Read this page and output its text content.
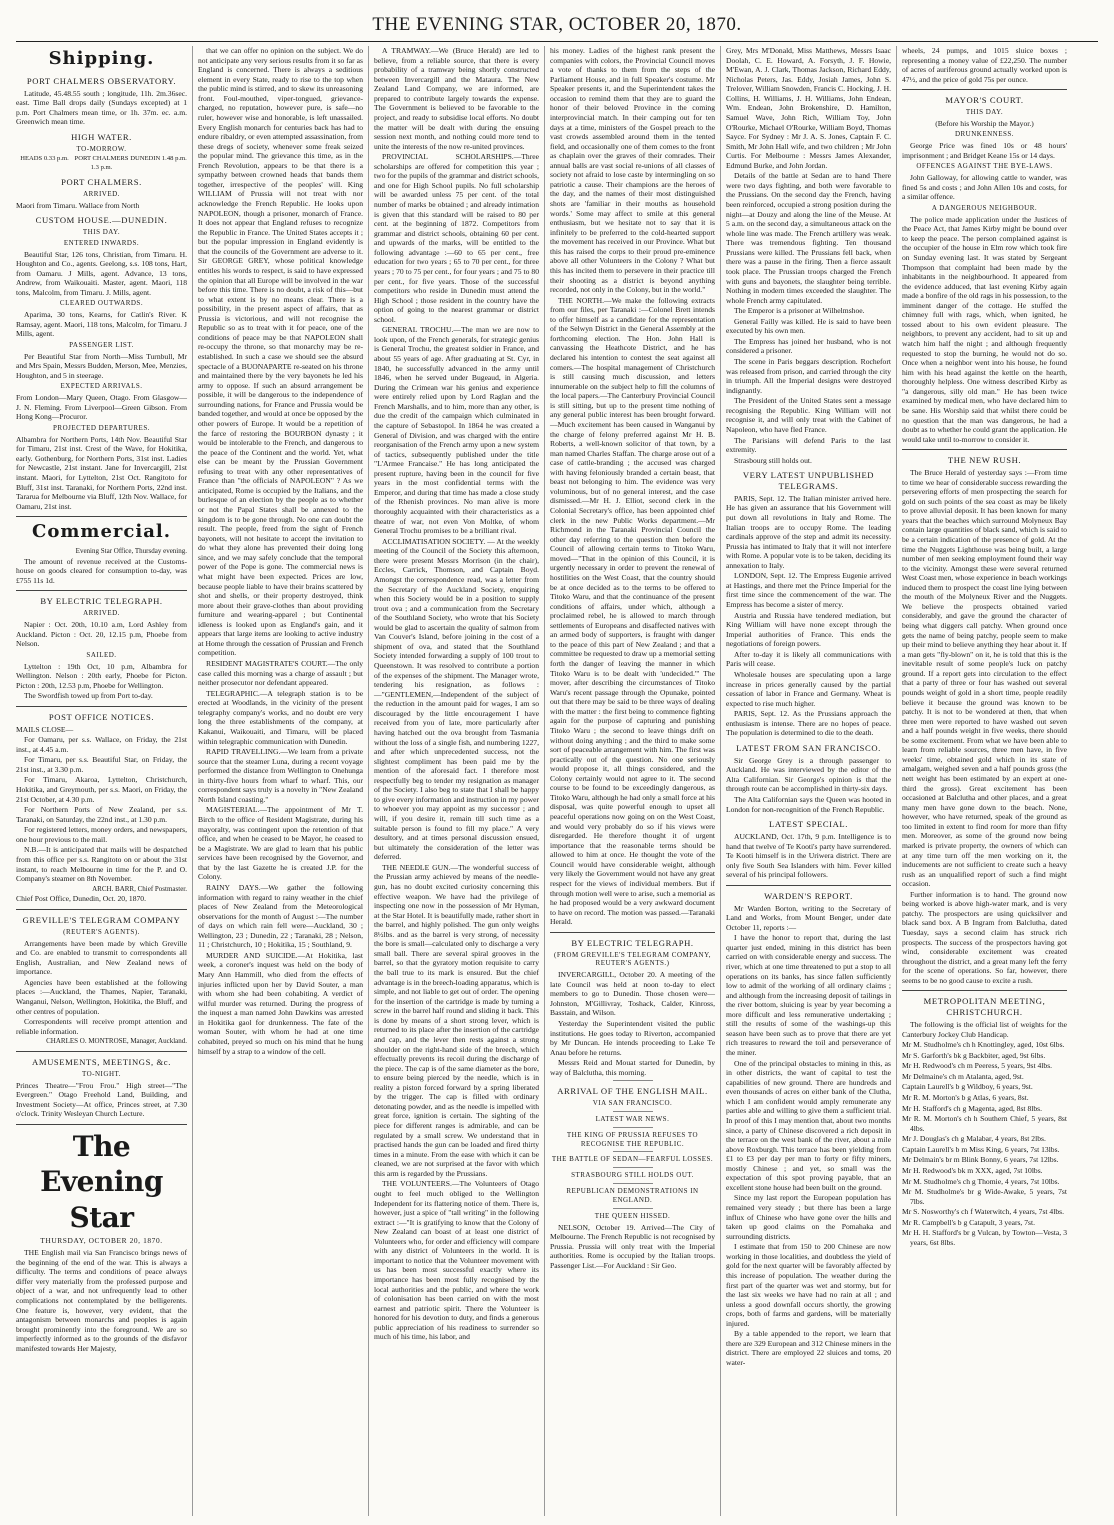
THE EVENING STAR, OCTOBER 20, 1870.
Shipping.
PORT CHALMERS OBSERVATORY.

Latitude, 45.48.55 south ; longitude, 11h. 2m.36sec. east. Time Ball drops daily (Sundays excepted) at 1 p.m. Port Chalmers mean time, or 1h. 37m. ec. a.m. Greenwich mean time.

HIGH WATER.
TO-MORROW.
HEADS 0.33 p.m. PORT CHALMERS 1.3 p.m.
DUNEDIN 1.48 p.m.
PORT CHALMERS.
ARRIVED.

Maori from Timaru. Wallace from North

CUSTOM HOUSE.—DUNEDIN.
THIS DAY.
ENTERED INWARDS.

Beautiful Star, 126 tons, Christian, from Timaru. H. Houghton and Co., agents. Geelong, s.s. 108 tons, Hart, from Oamaru. J Mills, agent. Advance, 13 tons, Andrew, from Waikouaiti. Master, agent. Maori, 118 tons, Malcolm, from Timaru. J. Mills, agent.

CLEARED OUTWARDS.

Aparima, 30 tons, Kearns, for Catlin's River. K Ramsay, agent. Maori, 118 tons, Malcolm, for Timaru. J Mills, agent.

PASSENGER LIST.

Per Beautiful Star from North—Miss Turnbull, Mr and Mrs Spain, Messrs Budden, Merson, Mee, Menzies, Houghton, and 5 in steerage.

EXPECTED ARRIVALS.

From London—Mary Queen, Otago. From Glasgow—J. N. Fleming. From Liverpool—Green Gibson. From Hong Kong—Procuror.

PROJECTED DEPARTURES.

Albambra for Northern Ports, 14th Nov. Beautiful Star for Timaru, 21st inst. Crest of the Wave, for Hokitika, early. Gothenburg, for Northern Ports, 31st inst. Ladies for Newcastle, 21st instant. Jane for Invercargill, 21st instant. Maori, for Lyttelton, 21st Oct. Rangitoto for Bluff, 31st inst. Taranaki, for Northern Ports, 22nd inst. Tararua for Melbourne via Bluff, 12th Nov. Wallace, for Oamaru, 21st inst.

Commercial.
Evening Star Office, Thursday evening.

The amount of revenue received at the Customs-house on goods cleared for consumption to-day, was £755 11s 1d.

BY ELECTRIC TELEGRAPH.
ARRIVED.

Napier : Oct. 20th, 10.10 a.m, Lord Ashley from Auckland. Picton : Oct. 20, 12.15 p.m, Phoebe from Nelson.

SAILED.

Lyttelton : 19th Oct, 10 p.m, Albambra for Wellington. Nelson : 20th early, Phoebe for Picton. Picton : 20th, 12.53 p.m, Phoebe for Wellington.

The Swordfish towed up from Port to-day.

POST OFFICE NOTICES.

MAILS CLOSE—

For Oamaru, per s.s. Wallace, on Friday, the 21st inst., at 4.45 a.m.

For Timaru, per s.s. Beautiful Star, on Friday, the 21st inst., at 3.30 p.m.

For Timaru, Akaroa, Lyttelton, Christchurch, Hokitika, and Greymouth, per s.s. Maori, on Friday, the 21st October, at 4.30 p.m.

For Northern Ports of New Zealand, per s.s. Taranaki, on Saturday, the 22nd inst., at 1.30 p.m.

For registered letters, money orders, and newspapers, one hour previous to the mail.

N.B.—It is anticipated that mails will be despatched from this office per s.s. Rangitoto on or about the 31st instant, to reach Melbourne in time for the P. and O. Company's steamer on 8th November.

ARCH. BARR, Chief Postmaster.

Chief Post Office, Dunedin, Oct. 20, 1870.

GREVILLE'S TELEGRAM COMPANY
(REUTER'S AGENTS).

Arrangements have been made by which Greville and Co. are enabled to transmit to correspondents all English, Australian, and New Zealand news of importance.

Agencies have been established at the following places :—Auckland, the Thames, Napier, Taranaki, Wanganui, Nelson, Wellington, Hokitika, the Bluff, and other centres of population.

Correspondents will receive prompt attention and reliable information.

CHARLES O. MONTROSE, Manager, Auckland.
AMUSEMENTS, MEETINGS, &c.
TO-NIGHT.

Princes Theatre—"Frou Frou." High street—"The Evergreen." Otago Freehold Land, Building, and Investment Society—At office, Princes street, at 7.30 o'clock. Trinity Wesleyan Church Lecture.

The Evening Star
THURSDAY, OCTOBER 20, 1870.

THE English mail via San Francisco brings news of the beginning of the end of the war. This is always a difficulty. The terms and conditions of peace always differ very materially from the professed purpose and object of a war, and not unfrequently lead to other complications not contemplated by the belligerents. One feature is, however, very evident, that the antagonism between monarchs and peoples is again brought prominently into the foreground. We are so imperfectly informed as to the grounds of the disfavor manifested towards Her Majesty,

that we can offer no opinion on the subject. We do not anticipate any very serious results from it so far as England is concerned. There is always a seditious element in every State, ready to rise to the top when the public mind is stirred, and to skew its unreasoning front. Foul-mouthed, viper-tongued, grievance-charged, no reputation, however pure, is safe—no ruler, however wise and honorable, is left unassailed. Every English monarch for centuries back has had to endure ribaldry, or even attempted assassination, from these dregs of society, whenever some freak seized the popular mind. The grievance this time, as in the French Revolution, appears to be that there is a sympathy between crowned heads that bands them together, irrespective of the peoples' will. King WILLIAM of Prussia will not treat with nor acknowledge the French Republic. He looks upon NAPOLEON, though a prisoner, monarch of France. It does not appear that England refuses to recognize the Republic in France. The United States accepts it ; but the popular impression in England evidently is that the councils of the Government are adverse to it. Sir GEORGE GREY, whose political knowledge entitles his words to respect, is said to have expressed the opinion that all Europe will be involved in the war before this time. There is no doubt, a risk of this—but to what extent is by no means clear. There is a possibility, in the present aspect of affairs, that as Prussia is victorious, and will not recognise the Republic so as to treat with it for peace, one of the conditions of peace may be that NAPOLEON shall re-occupy the throne, so that monarchy may be re-established. In such a case we should see the absurd spectacle of a BUONAPARTE re-seated on his throne and maintained there by the very bayonets he led his army to oppose. If such an absurd arrangement be possible, it will be dangerous to the independence of surrounding nations, for France and Prussia would be banded together, and would at once be opposed by the other powers of Europe. It would be a repetition of the farce of restoring the BOURBON dynasty ; it would be intolerable to the French, and dangerous to the peace of the Continent and the world. Yet, what else can be meant by the Prussian Government refusing to treat with any other representatives of France than "the officials of NAPOLEON" ? As we anticipated, Rome is occupied by the Italians, and the burlesque of an election by the people as to whether or not the Papal States shall be annexed to the kingdom is to be gone through. No one can doubt the result. The people, freed from the sight of French bayonets, will not hesitate to accept the invitation to do what they alone has prevented their doing long since, and we may safely conclude that the temporal power of the Pope is gone. The commercial news is what might have been expected. Prices are low, because people liable to have their brains scattered by shot and shells, or their property destroyed, think more about their grave-clothes than about providing furniture and wearing-apparel ; but Continental idleness is looked upon as England's gain, and it appears that large items are looking to active industry at Home through the cessation of Prussian and French competition.

RESIDENT MAGISTRATE'S COURT.—The only case called this morning was a charge of assault ; but neither prosecutor nor defendant appeared.

TELEGRAPHIC.—A telegraph station is to be erected at Woodlands, in the vicinity of the present telegraphy company's works, and no doubt ere very long the three establishments of the company, at Kakanui, Waikouaiti, and Timaru, will be placed within telegraphic communication with Dunedin.

RAPID TRAVELLING.—We learn from a private source that the steamer Luna, during a recent voyage performed the distance from Wellington to Onehunga in thirty-five hours from wharf to wharf. This, our correspondent says truly is a novelty in "New Zealand North Island coasting."

MAGISTERIAL.—The appointment of Mr T. Birch to the office of Resident Magistrate, during his mayoralty, was contingent upon the retention of that office, and when he ceased to be Mayor, he ceased to be a Magistrate. We are glad to learn that his public services have been recognised by the Governor, and that by the last Gazette he is created J.P. for the Colony.

RAINY DAYS.—We gather the following information with regard to rainy weather in the chief places of New Zealand from the Meteorological observations for the month of August :—The number of days on which rain fell were—Auckland, 30 ; Wellington, 23 ; Dunedin, 22 ; Taranaki, 28 ; Nelson, 11 ; Christchurch, 10 ; Hokitika, 15 ; Southland, 9.

MURDER AND SUICIDE.—At Hokitika, last week, a coroner's inquest was held on the body of Mary Ann Hammill, who died from the effects of injuries inflicted upon her by David Souter, a man with whom she had been cohabiting. A verdict of wilful murder was returned. During the progress of the inquest a man named John Dawkins was arrested in Hokitika gaol for drunkenness. The fate of the woman Souter, with whom he had at one time cohabited, preyed so much on his mind that he hung himself by a strap to a window of the cell.

A TRAMWAY.—We (Bruce Herald) are led to believe, from a reliable source, that there is every probability of a tramway being shortly constructed between Invercargill and the Mataura. The New Zealand Land Company, we are informed, are prepared to contribute largely towards the expense. The Government is believed to be favorable to the project, and ready to subsidise local efforts. No doubt the matter will be dealt with during the ensuing session next month, and nothing could more tend to unite the interests of the now re-united provinces.

PROVINCIAL SCHOLARSHIPS.—Three scholarships are offered for competition this year ; two for the pupils of the grammar and district schools, and one for High School pupils. No full scholarship will be awarded unless 75 per cent. of the total number of marks be obtained ; and already intimation is given that this standard will be raised to 80 per cent. at the beginning of 1872. Competitors from grammar and district schools, obtaining 60 per cent. and upwards of the marks, will be entitled to the following advantage :—60 to 65 per cent., free education for two years ; 65 to 70 per cent., for three years ; 70 to 75 per cent., for four years ; and 75 to 80 per cent., for five years. Those of the successful competitors who reside in Dunedin must attend the High School ; those resident in the country have the option of going to the nearest grammar or district school.

GENERAL TROCHU.—The man we are now to look upon, of the French generals, for strategic genius is General Trochu, the greatest soldier in France, and about 55 years of age. After graduating at St. Cyr, in 1840, he successfully advanced in the army until 1846, when he served under Bugeaud, in Algeria. During the Crimean war his genius and experience were entirely relied upon by Lord Raglan and the French Marshalls, and to him, more than any other, is due the credit of the campaign which culminated in the capture of Sebastopol. In 1864 he was created a General of Division, and was charged with the entire reorganisation of the French army upon a new system of tactics, subsequently published under the title "L'Armee Francaise." He has long anticipated the present rupture, having been in the council for five years in the most confidential terms with the Emperor, and during that time has made a close study of the Rhenish provinces. No man alive is more thoroughly acquainted with their characteristics as a theatre of war, not even Von Moltke, of whom General Trochu promises to be a brilliant rival.

ACCLIMATISATION SOCIETY. — At the weekly meeting of the Council of the Society this afternoon, there were present Messrs Morrison (in the chair), Eccles, Carrick, Thomson, and Captain Boyd. Amongst the correspondence read, was a letter from the Secretary of the Auckland Society, enquiring when this Society would be in a position to supply trout ova ; and a communication from the Secretary of the Southland Society, who wrote that his Society would be glad to ascertain the quality of salmon from Van Couver's Island, before joining in the cost of a shipment of ova, and stated that the Southland Society intended forwarding a supply of 100 trout to Queenstown. It was resolved to contribute a portion of the expenses of the shipment. The Manager wrote, tendering his resignation, as follows :—"GENTLEMEN,—Independent of the subject of the reduction in the amount paid for wages, I am so discouraged by the little encouragement I have received from you of late, more particularly after having hatched out the ova brought from Tasmania without the loss of a single fish, and numbering 1227, and after which unprecedented success, not the slightest compliment has been paid me by the mention of the aforesaid fact. I therefore most respectfully beg to tender my resignation as manager of the Society. I also beg to state that I shall be happy to give every information and instruction in my power to whoever you may appoint as my successor ; and will, if you desire it, remain till such time as a suitable person is found to fill my place." A very desultory, and at times personal discussion ensued, but ultimately the consideration of the letter was deferred.

THE NEEDLE GUN.—The wonderful success of the Prussian army achieved by means of the needle-gun, has no doubt excited curiosity concerning this effective weapon. We have had the privilege of inspecting one now in the possession of Mr Hyman, at the Star Hotel. It is beautifully made, rather short in the barrel, and highly polished. The gun only weighs 8½lbs. and as the barrel is very strong, of necessity the bore is small—calculated only to discharge a very small ball. There are several spiral grooves in the barrel, so that the gyratory motion requisite to carry the ball true to its mark is ensured. But the chief advantage is in the breech-loading apparatus, which is simple, and not liable to get out of order. The opening for the insertion of the cartridge is made by turning a screw in the barrel half round and sliding it back. This is done by means of a short strong lever, which is returned to its place after the insertion of the cartridge and cap, and the lever then rests against a strong shoulder on the right-hand side of the breech, which effectually prevents its recoil during the discharge of the piece. The cap is of the same diameter as the bore, to ensure being pierced by the needle, which is in reality a piston forced forward by a spring liberated by the trigger. The cap is filled with ordinary detonating powder, and as the needle is impelled with great force, ignition is certain. The sighting of the piece for different ranges is admirable, and can be regulated by a small screw. We understand that in practised hands the gun can be loaded and fired thirty times in a minute. From the ease with which it can be cleaned, we are not surprised at the favor with which this arm is regarded by the Prussians.

THE VOLUNTEERS.—The Volunteers of Otago ought to feel much obliged to the Wellington Independent for its flattering notice of them. There is, however, just a spice of "tall writing" in the following extract :—"It is gratifying to know that the Colony of New Zealand can boast of at least one district of Volunteers who, for order and efficiency will compare with any district of Volunteers in the world. It is important to notice that the Volunteer movement with us has been most successful exactly where its importance has been most fully recognised by the local authorities and the public, and where the work of colonisation has been carried on with the most earnest and patriotic spirit. There the Volunteer is honored for his devotion to duty, and finds a generous public appreciation of his readiness to surrender so much of his time, his labor, and

his money. Ladies of the highest rank present the companies with colors, the Provincial Council moves a vote of thanks to them from the steps of the Parliament House, and in full Speaker's costume. Mr Speaker presents it, and the Superintendent takes the occasion to remind them that they are to guard the honor of their beloved Province in the coming interprovincial match. In their camping out for ten days at a time, ministers of the Gospel preach to the vast crowds assembled around them in the tented field, and occasionally one of them comes to the front as chaplain over the graves of their comrades. Their annual balls are vast social re-unions of all classes of society not afraid to lose caste by intermingling on so patriotic a cause. Their champions are the heroes of the day, and the names of their most distinguished shots are 'familiar in their mouths as household words.' Some may affect to smile at this general enthusiasm, but we hesitate not to say that it is infinitely to be preferred to the cold-hearted support the movement has received in our Province. What but this has raised the corps to their proud pre-eminence above all other Volunteers in the Colony ? What but this has incited them to persevere in their practice till their shooting as a district is beyond anything recorded, not only in the Colony, but in the world."

THE NORTH.—We make the following extracts from our files, per Taranaki :—Colonel Brett intends to offer himself as a candidate for the representation of the Selwyn District in the General Assembly at the forthcoming election. The Hon. John Hall is canvassing the Heathcote District, and he has declared his intention to contest the seat against all comers.—The hospital management of Christchurch is still causing much discussion, and letters innumerable on the subject help to fill the columns of the local papers.—The Canterbury Provincial Council is still sitting, but up to the present time nothing of any general public interest has been brought forward.—Much excitement has been caused in Wanganui by the charge of felony preferred against Mr H. B. Roberts, a well-known solicitor of that town, by a man named Charles Staffan. The charge arose out of a case of cattle-branding ; the accused was charged with having feloniously branded a certain beast, that beast not belonging to him. The evidence was very voluminous, but of no general interest, and the case dismissed.—Mr H. J. Elliot, second clerk in the Colonial Secretary's office, has been appointed chief clerk in the new Public Works department.—Mr Richmond in the Taranaki Provincial Council the other day referring to the question then before the Council of allowing certain terms to Titoko Waru, moved—"That in the opinion of this Council, it is urgently necessary in order to prevent the renewal of hostilities on the West Coast, that the country should be at once decided as to the terms to be offered to Titoko Waru, and that the continuance of the present conditions of affairs, under which, although a proclaimed rebel, he is allowed to march through settlements of Europeans and disaffected natives with an armed body of supporters, is fraught with danger to the peace of this part of New Zealand ; and that a committee be requested to draw up a memorial setting forth the danger of leaving the manner in which Titoko Waru is to be dealt with 'undecided.'" The mover, after describing the circumstances of Titoko Waru's recent passage through the Opunake, pointed out that there may be said to be three ways of dealing with the matter : the first being to commence fighting again for the purpose of capturing and punishing Titoko Waru ; the second to leave things drift on without doing anything ; and the third to make some sort of peaceable arrangement with him. The first was practically out of the question. No one seriously would propose it, all things considered, and the Colony certainly would not agree to it. The second course to be found to be exceedingly dangerous, as Titoko Waru, although he had only a small force at his disposal, was quite powerful enough to upset all peaceful operations now going on on the West Coast, and would very probably do so if his views were disregarded. He therefore thought it of urgent importance that the reasonable terms should be allowed to him at once. He thought the vote of the Council would have considerable weight, although very likely the Government would not have any great respect for the views of individual members. But if through motion well were to arise, such a memorial as he had proposed would be a very awkward document to have on record. The motion was passed.—Taranaki Herald.

BY ELECTRIC TELEGRAPH.
(FROM GREVILLE'S TELEGRAM COMPANY, REUTER'S AGENTS.)

INVERCARGILL, October 20. A meeting of the late Council was held at noon to-day to elect members to go to Dunedin. Those chosen were—Johnston, M'Gillivray, Toshack, Calder, Kinross, Basstain, and Wilson.

Yesterday the Superintendent visited the public institutions. He goes today to Riverton, accompanied by Mr Duncan. He intends proceeding to Lake Te Anau before he returns.

Messrs Reid and Mouat started for Dunedin, by way of Balclutha, this morning.

ARRIVAL OF THE ENGLISH MAIL.
VIA SAN FRANCISCO.
LATEST WAR NEWS.
THE KING OF PRUSSIA REFUSES TO RECOGNISE THE REPUBLIC.
THE BATTLE OF SEDAN—FEARFUL LOSSES.
STRASBOURG STILL HOLDS OUT.
REPUBLICAN DEMONSTRATIONS IN ENGLAND.
THE QUEEN HISSED.

NELSON, October 19. Arrived—The City of Melbourne. The French Republic is not recognised by Prussia. Prussia will only treat with the Imperial authorities. Rome is occupied by the Italian troops. Passenger List.—For Auckland : Sir Geo.

Grey, Mrs M'Donald, Miss Matthews, Messrs Isaac Doolah, C. E. Howard, A. Forsyth, J. F. Howie, M'Ewan, A. J. Clark, Thomas Jackson, Richard Eddy, Nicholas Peters, Jas. Eddy, Josiah James, John S. Trelover, William Snowden, Francis C. Hocking, J. H. Collins, H. Williams, J. H. Williams, John Endean, Wm. Endean, John Brokenshire, D. Hamilton, Samuel Wave, John Rich, William Toy, John O'Rourke, Michael O'Rourke, William Boyd, Thomas Sayce. For Sydney : Mr J. A. S. Jones, Captain F. C. Smith, Mr John Hall wife, and two children ; Mr John Curtis. For Melbourne : Messrs James Alexander, Edmund Burke, and John Jordan.

Details of the battle at Sedan are to hand There were two days fighting, and both were favorable to the Prussians. On the second day the French, having been reinforced, occupied a strong position during the night—at Douzy and along the line of the Meuse. At 5 a.m. on the second day, a simultaneous attack on the whole line was made. The French artillery was weak. There was tremendous fighting. Ten thousand Prussians were killed. The Prussians fell back, when there was a pause in the firing. Then a fierce assault took place. The Prussian troops charged the French with guns and bayonets, the slaughter being terrible. Nothing in modern times exceeded the slaughter. The whole French army capitulated.

The Emperor is a prisoner at Wilhelmshoe.

General Failly was killed. He is said to have been executed by his own men.

The Empress has joined her husband, who is not considered a prisoner.

The scene in Paris beggars description. Rochefort was released from prison, and carried through the city in triumph. All the Imperial designs were destroyed indignantly.

The President of the United States sent a message recognising the Republic. King William will not recognise it, and will only treat with the Cabinet of Napoleon, who have fled France.

The Parisians will defend Paris to the last extremity.

Strasbourg still holds out.

VERY LATEST UNPUBLISHED TELEGRAMS.

PARIS, Sept. 12. The Italian minister arrived here. He has given an assurance that his Government will put down all revolutions in Italy and Rome. The Italian troops are to occupy Rome. The leading cardinals approve of the step and admit its necessity. Prussia has intimated to Italy that it will not interfere with Rome. A popular vote is to be taken, deciding its annexation to Italy.

LONDON, Sept. 12. The Empress Eugenie arrived at Hastings, and there met the Prince Imperial for the first time since the commencement of the war. The Empress has become a sister of mercy.

Austria and Russia have tendered mediation, but King William will have none except through the Imperial authorities of France. This ends the negotiations of foreign powers.

After to-day it is likely all communications with Paris will cease.

Wholesale houses are speculating upon a large increase in prices generally caused by the partial cessation of labor in France and Germany. Wheat is expected to rise much higher.

PARIS, Sept. 12. As the Prussians approach the enthusiasm is intense. There are no hopes of peace. The population is determined to die to the death.

LATEST FROM SAN FRANCISCO.

Sir George Grey is a through passenger to Auckland. He was interviewed by the editor of the Alta Californian. Sir George's opinion is that the through route can be accomplished in thirty-six days.

The Alta Californian says the Queen was hooted in London for non-recognition of the French Republic.

LATEST SPECIAL.

AUCKLAND, Oct. 17th, 9 p.m. Intelligence is to hand that twelve of Te Kooti's party have surrendered. Te Kooti himself is in the Uriwera district. There are only five South Sea Islanders with him. Fever killed several of his principal followers.

WARDEN'S REPORT.

Mr Warden Borton, writing to the Secretary of Land and Works, from Mount Benger, under date October 11, reports :—

I have the honor to report that, during the last quarter just ended, mining in this district has been carried on with considerable energy and success. The river, which at one time threatened to put a stop to all operations on its banks, has since fallen sufficiently low to admit of the working of all ordinary claims ; and although from the increasing deposit of tailings in the river bottom, sluicing is year by year becoming a more difficult and less remunerative undertaking ; still the results of some of the washings-up this season have been such as to prove that there are yet rich treasures to reward the toil and perseverance of the miner.

One of the principal obstacles to mining in this, as in other districts, the want of capital to test the capabilities of new ground. There are hundreds and even thousands of acres on either bank of the Clutha, which I am confident would amply remunerate any parties able and willing to give them a sufficient trial. In proof of this I may mention that, about two months since, a party of Chinese discovered a rich deposit in the terrace on the west bank of the river, about a mile above Roxburgh. This terrace has been yielding from £1 to £3 per day per man to forty or fifty miners, mostly Chinese ; and yet, so small was the expectation of this spot proving payable, that an excellent stone house had been built on the ground.

Since my last report the European population has remained very steady ; but there has been a large influx of Chinese who have gone over the hills and taken up good claims on the Pomahaka and surrounding districts.

I estimate that from 150 to 200 Chinese are now working in those localities, and doubtless the yield of gold for the next quarter will be favorably affected by this increase of population. The weather during the first part of the quarter was wet and stormy, but for the last six weeks we have had no rain at all ; and unless a good downfall occurs shortly, the growing crops, both of farms and gardens, will be materially injured.

By a table appended to the report, we learn that there are 329 European and 312 Chinese miners in the district. There are employed 22 sluices and toms, 20 water-

wheels, 24 pumps, and 1015 sluice boxes ; representing a money value of £22,250. The number of acres of auriferous ground actually worked upon is 47½, and the price of gold 75s per ounce.

MAYOR'S COURT.
THIS DAY.
(Before his Worship the Mayor.)
DRUNKENNESS.

George Price was fined 10s or 48 hours' imprisonment ; and Bridget Keane 15s or 14 days.

OFFENCES AGAINST THE BYE-LAWS.

John Galloway, for allowing cattle to wander, was fined 5s and costs ; and John Allen 10s and costs, for a similar offence.

A DANGEROUS NEIGHBOUR.

The police made application under the Justices of the Peace Act, that James Kirby might be bound over to keep the peace. The person complained against is the occupier of the house in Elm row which took fire on Sunday evening last. It was stated by Sergeant Thompson that complaint had been made by the inhabitants in the neighbourhood. It appeared from the evidence adduced, that last evening Kirby again made a bonfire of the old rags in his possession, to the imminent danger of the cottage. He stuffed the chimney full with rags, which, when ignited, he tossed about to his own evident pleasure. The neighbors, to prevent any accident, had to sit up and watch him half the night ; and although frequently requested to stop the burning, he would not do so. Once when a neighbor went into his house, he found him with his head against the kettle on the hearth, thoroughly helpless. One witness described Kirby as "a dangerous, silly old man." He has been twice examined by medical men, who have declared him to be sane. His Worship said that whilst there could be no question that the man was dangerous, he had a doubt as to whether he could grant the application. He would take until to-morrow to consider it.

THE NEW RUSH.

The Bruce Herald of yesterday says :—From time to time we hear of considerable success rewarding the persevering efforts of men prospecting the search for gold on such points of the sea coast as may be likely to prove alluvial deposit. It has been known for many years that the beaches which surround Molyneux Bay contain large quantities of black sand, which is said to be a certain indication of the presence of gold. At the time the Nuggets Lighthouse was being built, a large number of men seeking employment found their way to the vicinity. Amongst these were several returned West Coast men, whose experience in beach workings induced them to prospect the coast line lying between the mouth of the Molyneux River and the Nuggets. We believe the prospects obtained varied considerably, and gave the ground the character of being what diggers call patchy. When ground once gets the name of being patchy, people seem to make up their mind to believe anything they hear about it. If a man gets "fly-blown" on it, he is told that this is the inevitable result of some people's luck on patchy ground. If a report gets into circulation to the effect that a party of three or four has washed out several pounds weight of gold in a short time, people readily believe it because the ground was known to be patchy. It is not to be wondered at then, that when three men were reported to have washed out seven and a half pounds weight in five weeks, there should be some excitement. From what we have been able to learn from reliable sources, three men have, in five weeks' time, obtained gold which in its state of amalgam, weighed seven and a half pounds gross (the nett weight has been estimated by an expert at one-third the gross). Great excitement has been occasioned at Balclutha and other places, and a great many men have gone down to the beach. None, however, who have returned, speak of the ground as too limited in extent to find room for more than fifty men. Moreover, as some of the ground now being marked is private property, the owners of which can at any time turn off the men working on it, the inducements are not sufficient to create such a heavy rush as an unqualified report of such a find might occasion.

Further information is to hand. The ground now being worked is above high-water mark, and is very patchy. The prospectors are using quicksilver and black sand box. A B Ingram from Balclutha, dated Tuesday, says a second claim has struck rich prospects. The success of the prospectors having got wind, considerable excitement was created throughout the district, and a great many left the ferry for the scene of operations. So far, however, there seems to be no good cause to excite a rush.

METROPOLITAN MEETING, CHRISTCHURCH.

The following is the official list of weights for the Canterbury Jockey Club Handicap.

Mr M. Studholme's ch h Knottingley, aged, 10st 6lbs.
Mr S. Garforth's bk g Backbiter, aged, 9st 6lbs.
Mr H. Redwood's ch m Peeress, 5 years, 9st 4lbs.
Mr Delmaine's ch m Atalanta, aged, 9st.
Captain Laurell's b g Wildboy, 6 years, 9st.
Mr R. M. Morton's b g Atlas, 6 years, 8st.
Mr H. Stafford's ch g Magenta, aged, 8st 8lbs.
Mr R. M. Morton's ch h Southern Chief, 5 years, 8st 4lbs.
Mr J. Douglas's ch g Malabar, 4 years, 8st 2lbs.
Captain Laurell's b m Miss King, 6 years, 7st 13lbs.
Mr Delmain's br m Blink Bonny, 6 years, 7st 12lbs.
Mr H. Redwood's bk m XXX, aged, 7st 10lbs.
Mr M. Studholme's ch g Thomie, 4 years, 7st 10lbs.
Mr M. Studholme's br g Wide-Awake, 5 years, 7st 7lbs.
Mr S. Nosworthy's ch f Waterwitch, 4 years, 7st 4lbs.
Mr R. Campbell's b g Catapult, 3 years, 7st.
Mr H. H. Stafford's br g Vulcan, by Towton—Vesta, 3 years, 6st 8lbs.
